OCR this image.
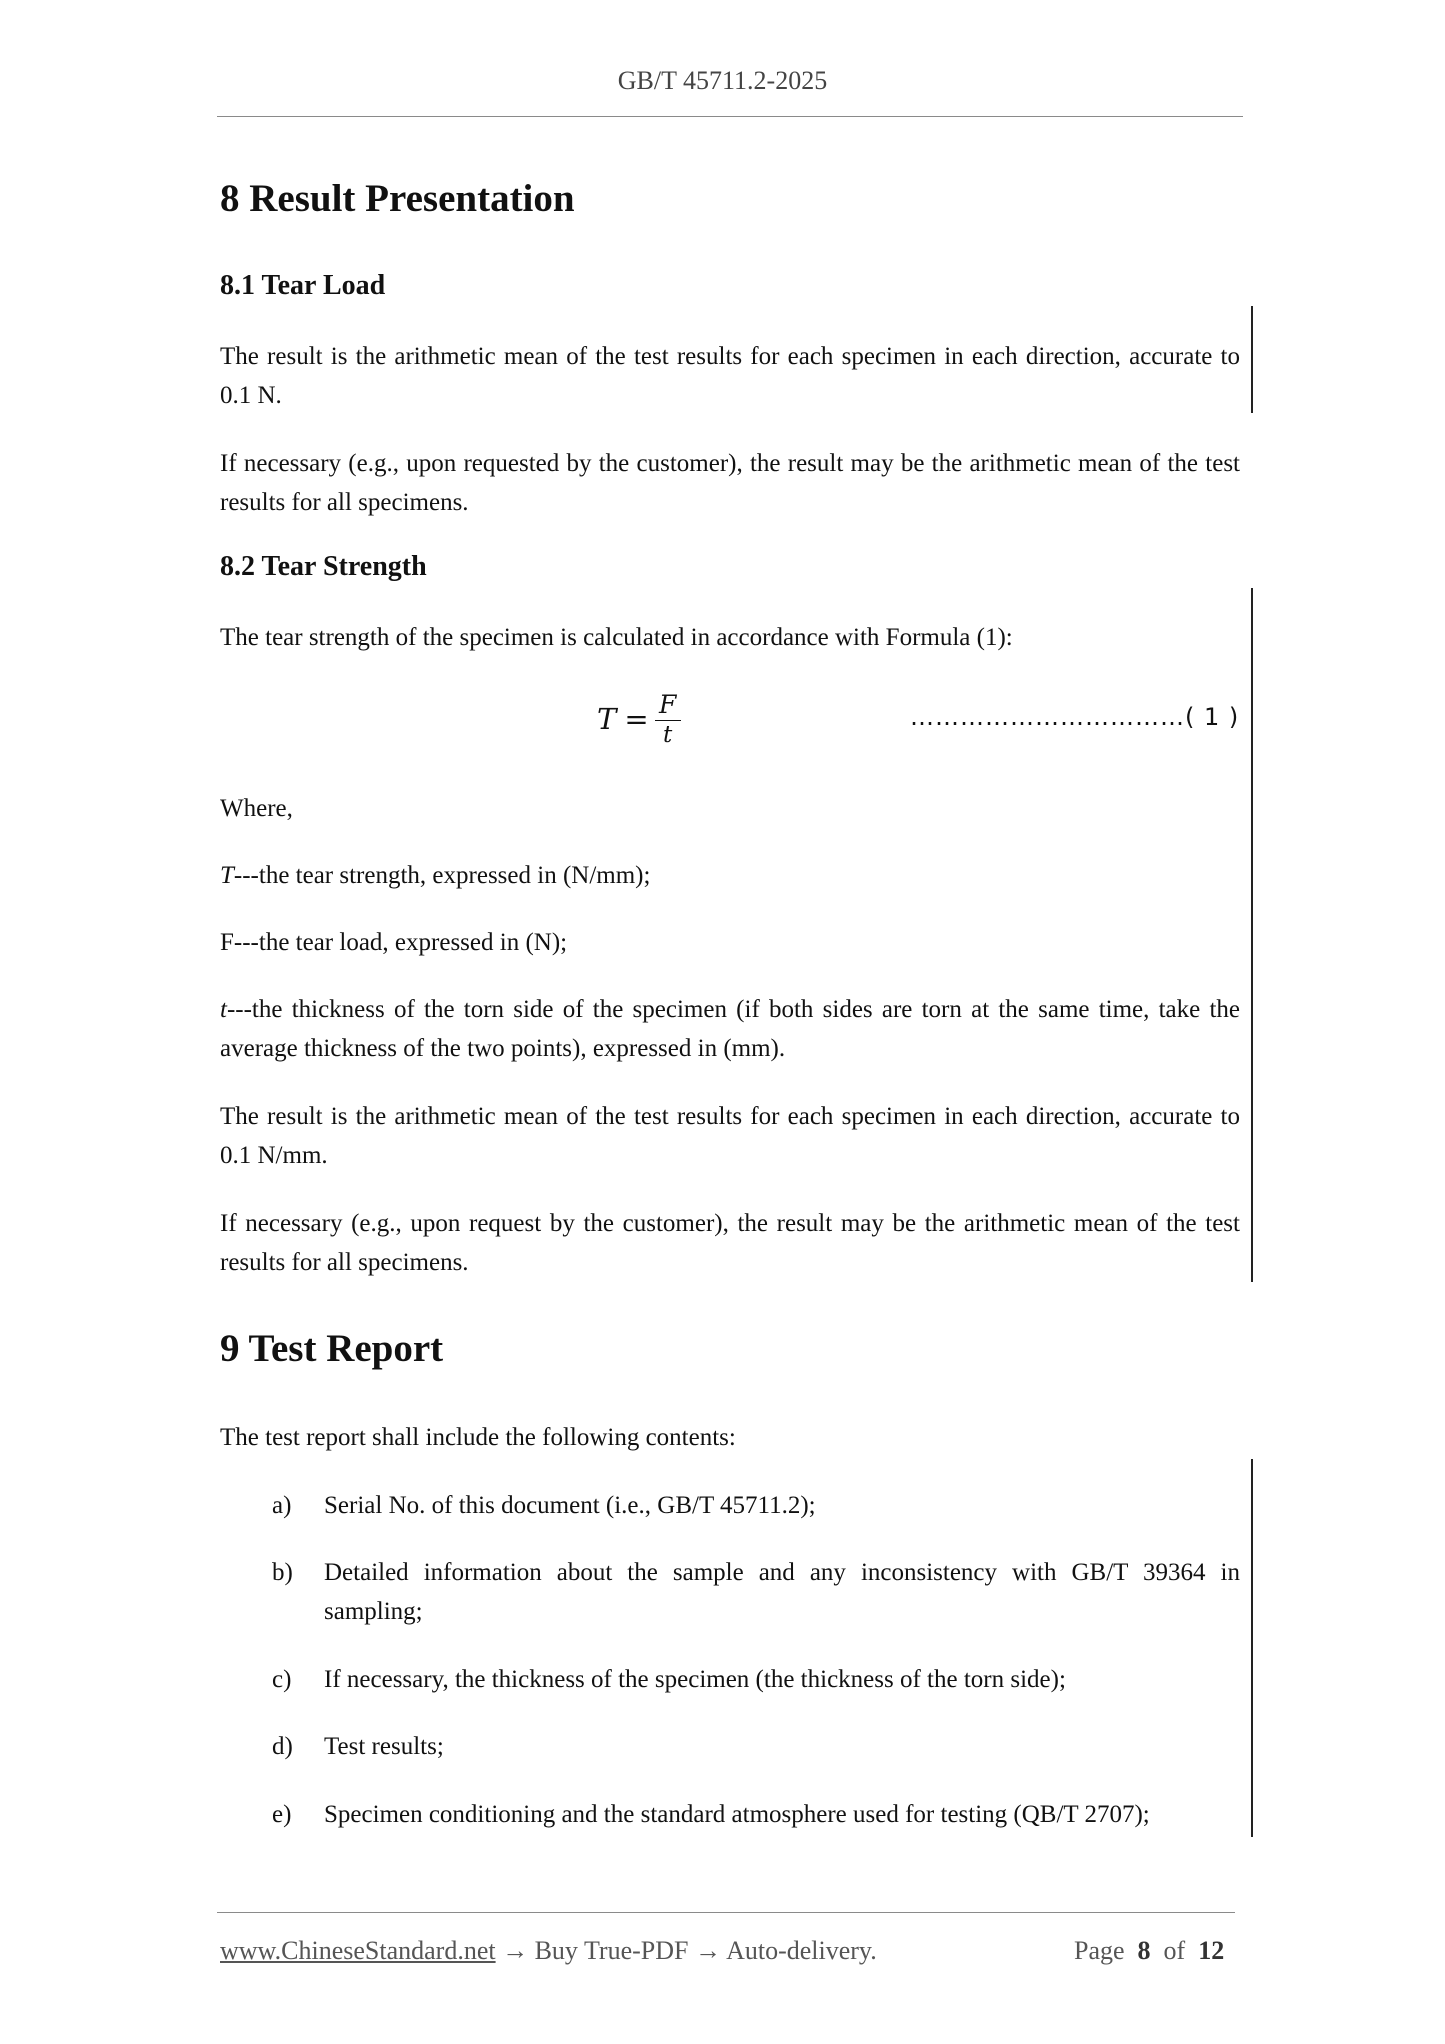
GB/T 45711.2-2025
8 Result Presentation
8.1 Tear Load

The result is the arithmetic mean of the test results for each specimen in each direction, accurate to 0.1 N.

If necessary (e.g., upon requested by the customer), the result may be the arithmetic mean of the test results for all specimens.

8.2 Tear Strength

The tear strength of the specimen is calculated in accordance with Formula (1):

$T = \frac{F}{t}$	……………………………( 1 )

Where,

T---the tear strength, expressed in (N/mm);

F---the tear load, expressed in (N);

t---the thickness of the torn side of the specimen (if both sides are torn at the same time, take the average thickness of the two points), expressed in (mm).

The result is the arithmetic mean of the test results for each specimen in each direction, accurate to 0.1 N/mm.

If necessary (e.g., upon request by the customer), the result may be the arithmetic mean of the test results for all specimens.

9 Test Report

The test report shall include the following contents:

a) Serial No. of this document (i.e., GB/T 45711.2);
b) Detailed information about the sample and any inconsistency with GB/T 39364 in sampling;
c) If necessary, the thickness of the specimen (the thickness of the torn side);
d) Test results;
e) Specimen conditioning and the standard atmosphere used for testing (QB/T 2707);
www.ChineseStandard.net → Buy True-PDF → Auto-delivery.	Page 8 of 12
